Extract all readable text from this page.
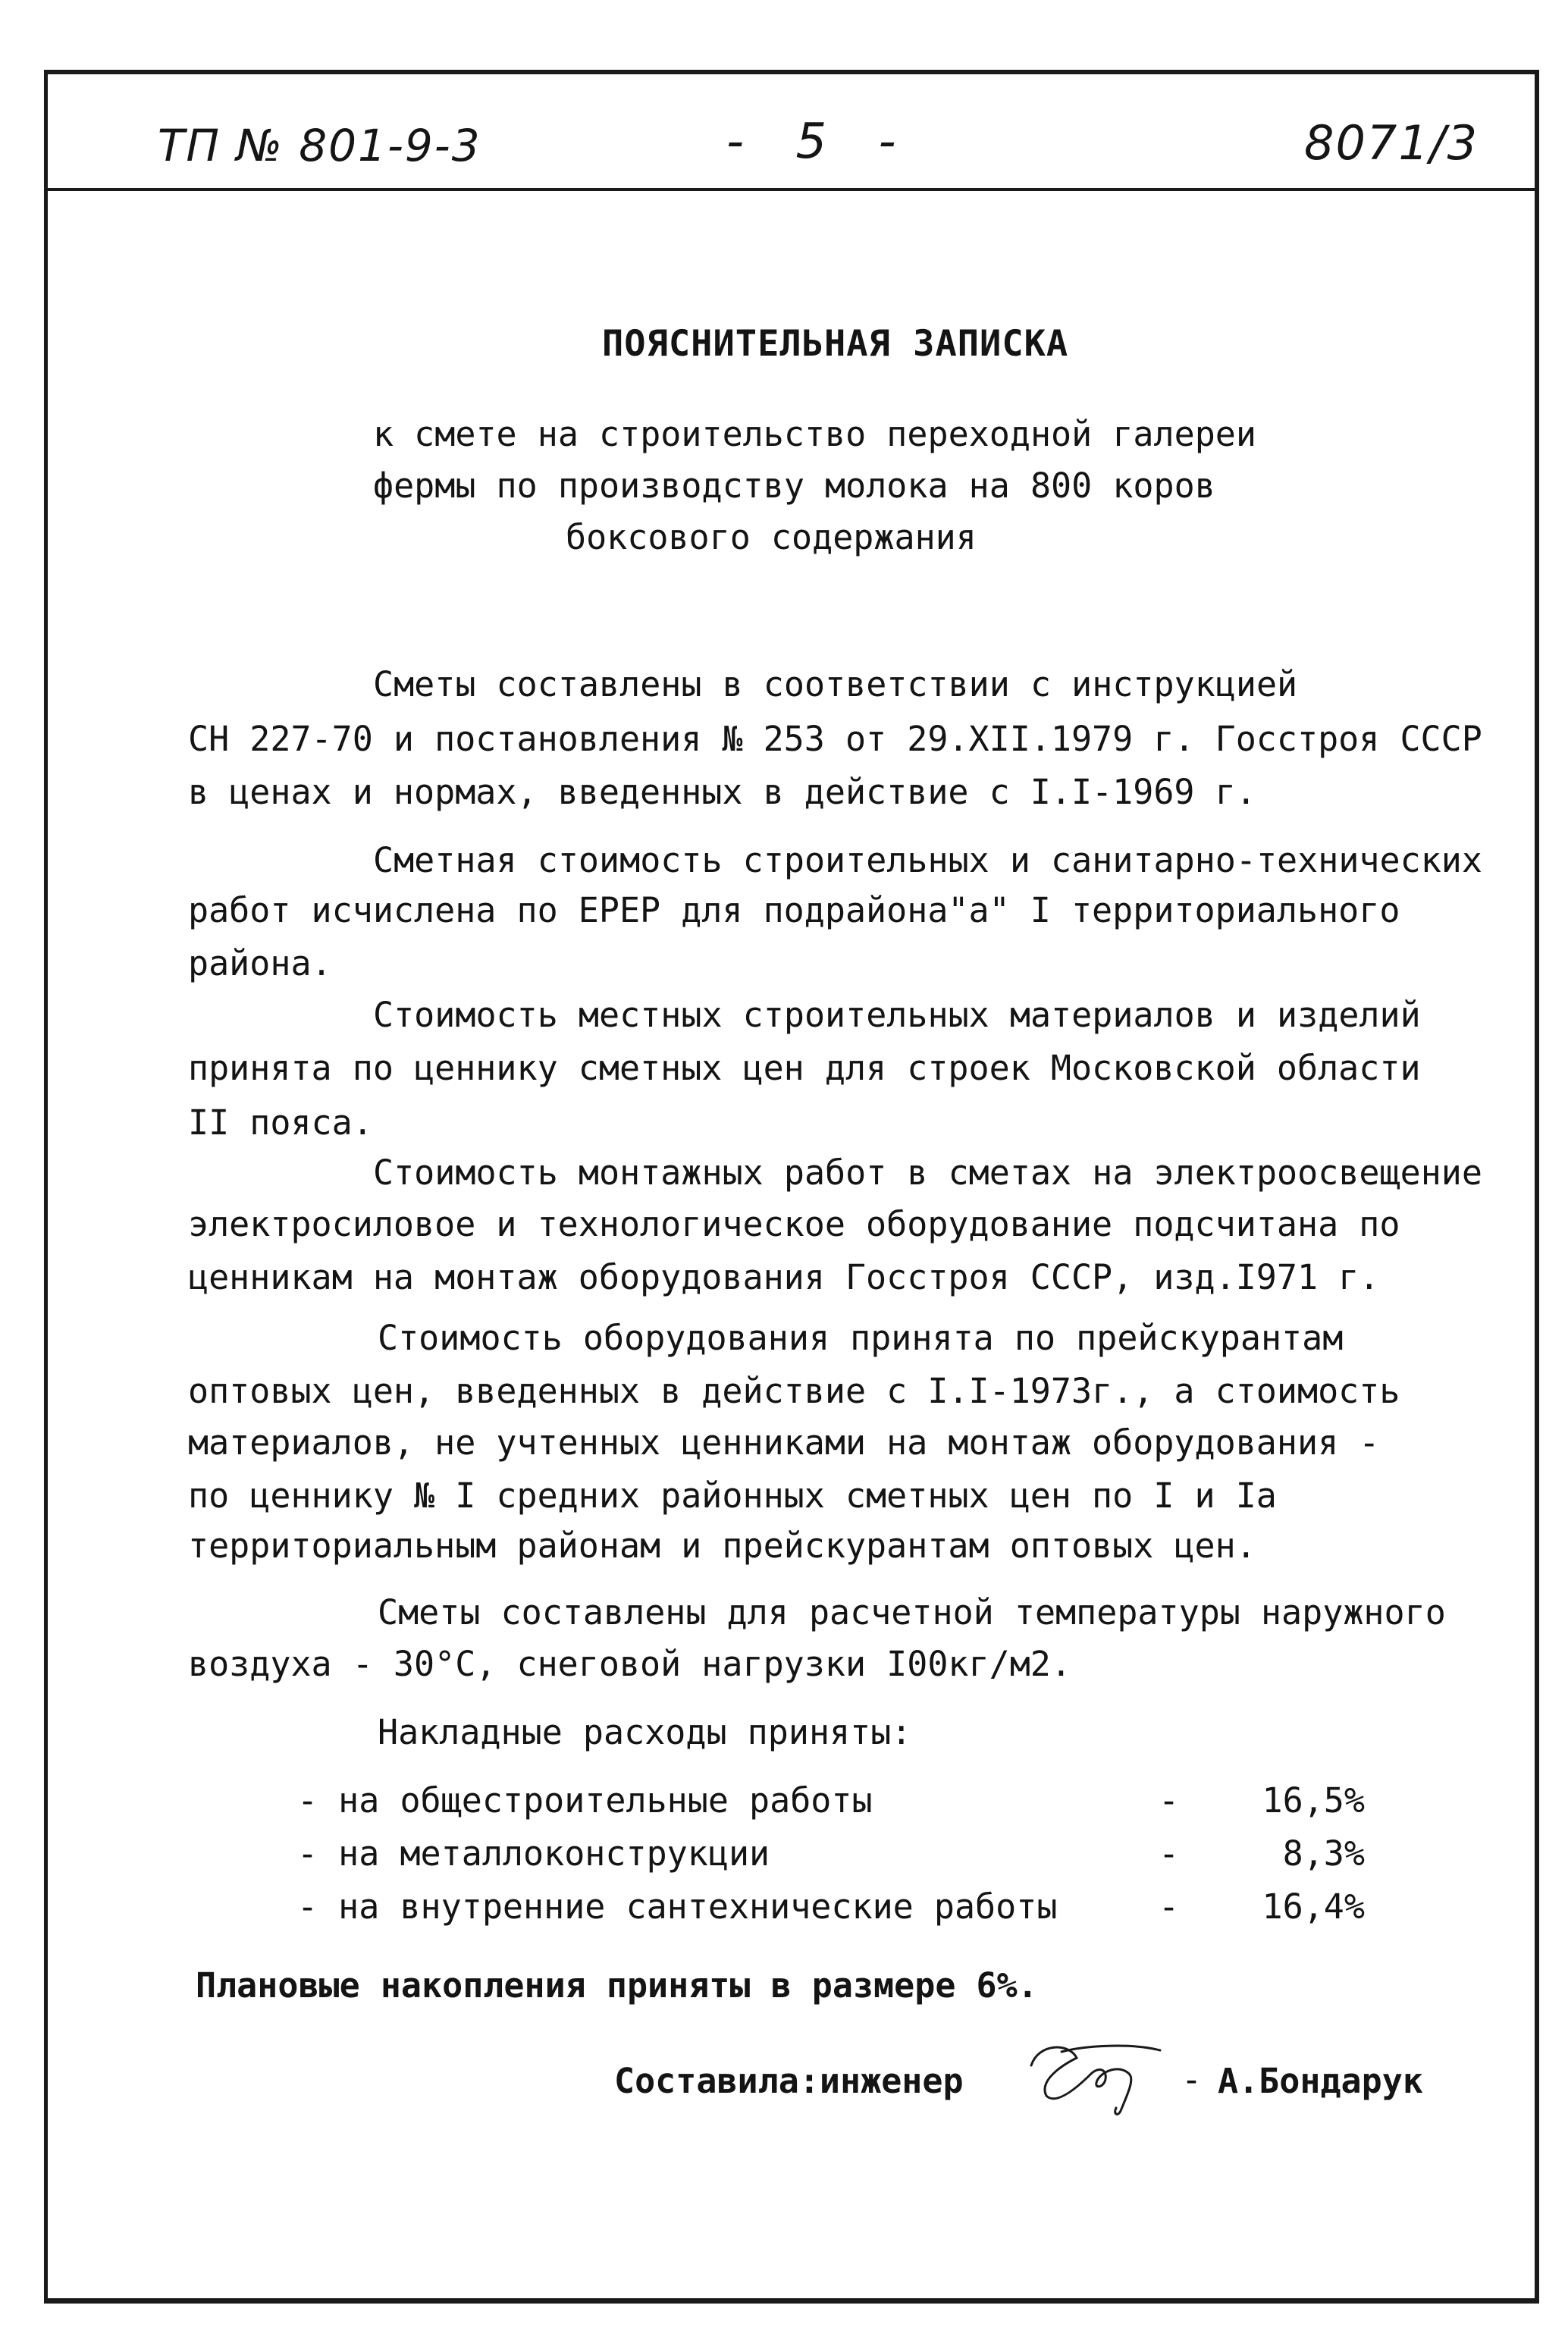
ТП № 801-9-3	- 5 -	8071/3
ПОЯСНИТЕЛЬНАЯ ЗАПИСКА
к смете на строительство переходной галереи
фермы по производству молока на 800 коров
боксового содержания
Сметы составлены в соответствии с инструкцией
СН 227-70 и постановления № 253 от 29.XII.1979 г. Госстроя СССР
в ценах и нормах, введенных в действие с I.I-1969 г.
Сметная стоимость строительных и санитарно-технических
работ исчислена по ЕРЕР для подрайона"а" I территориального
района.
Стоимость местных строительных материалов и изделий
принята по ценнику сметных цен для строек Московской области
II пояса.
Стоимость монтажных работ в сметах на электроосвещение
электросиловое и технологическое оборудование подсчитана по
ценникам на монтаж оборудования Госстроя СССР, изд.I971 г.
Стоимость оборудования принята по прейскурантам
оптовых цен, введенных в действие с I.I-1973г., а стоимость
материалов, не учтенных ценниками на монтаж оборудования -
по ценнику № I средних районных сметных цен по I и Iа
территориальным районам и прейскурантам оптовых цен.
Сметы составлены для расчетной температуры наружного
воздуха - 30°С, снеговой нагрузки I00кг/м2.
Накладные расходы приняты:
- на общестроительные работы	-	16,5%
- на металлоконструкции	-	8,3%
- на внутренние сантехнические работы	-	16,4%
Плановые накопления приняты в размере 6%.
Составила:инженер	- А.Бондарук
